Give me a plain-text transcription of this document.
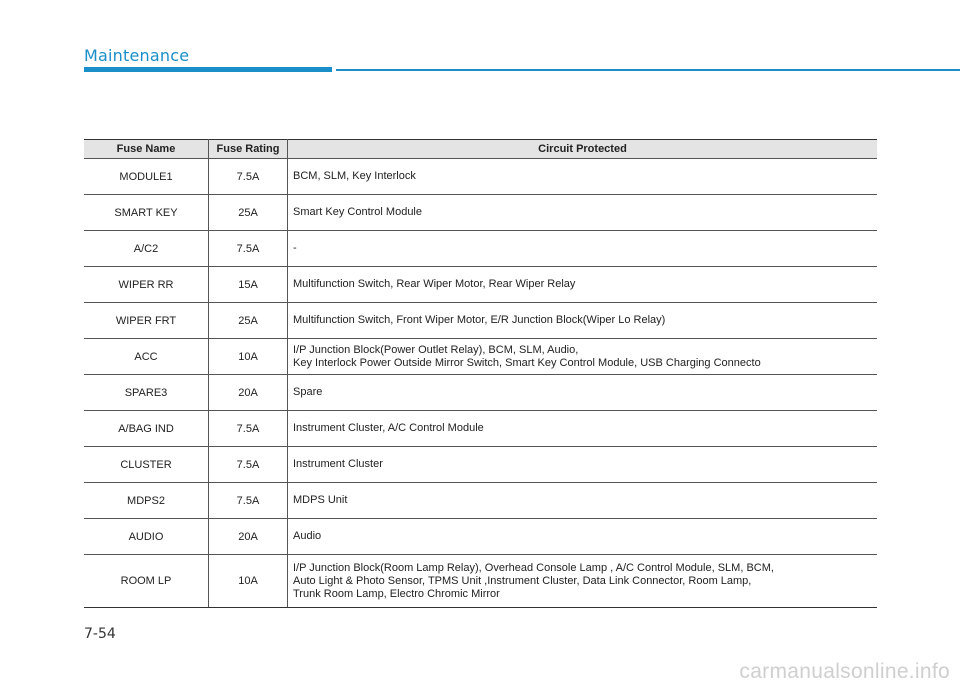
Maintenance
Fuse Name	Fuse Rating	Circuit Protected
MODULE1	7.5A	BCM, SLM, Key Interlock
SMART KEY	25A	Smart Key Control Module
A/C2	7.5A	-
WIPER RR	15A	Multifunction Switch, Rear Wiper Motor, Rear Wiper Relay
WIPER FRT	25A	Multifunction Switch, Front Wiper Motor, E/R Junction Block(Wiper Lo Relay)
ACC	10A	I/P Junction Block(Power Outlet Relay), BCM, SLM, Audio,
Key Interlock Power Outside Mirror Switch, Smart Key Control Module, USB Charging Connecto
SPARE3	20A	Spare
A/BAG IND	7.5A	Instrument Cluster, A/C Control Module
CLUSTER	7.5A	Instrument Cluster
MDPS2	7.5A	MDPS Unit
AUDIO	20A	Audio
ROOM LP	10A	I/P Junction Block(Room Lamp Relay), Overhead Console Lamp , A/C Control Module, SLM, BCM,
Auto Light & Photo Sensor, TPMS Unit ,Instrument Cluster, Data Link Connector, Room Lamp,
Trunk Room Lamp, Electro Chromic Mirror
7-54
carmanualsonline.info
